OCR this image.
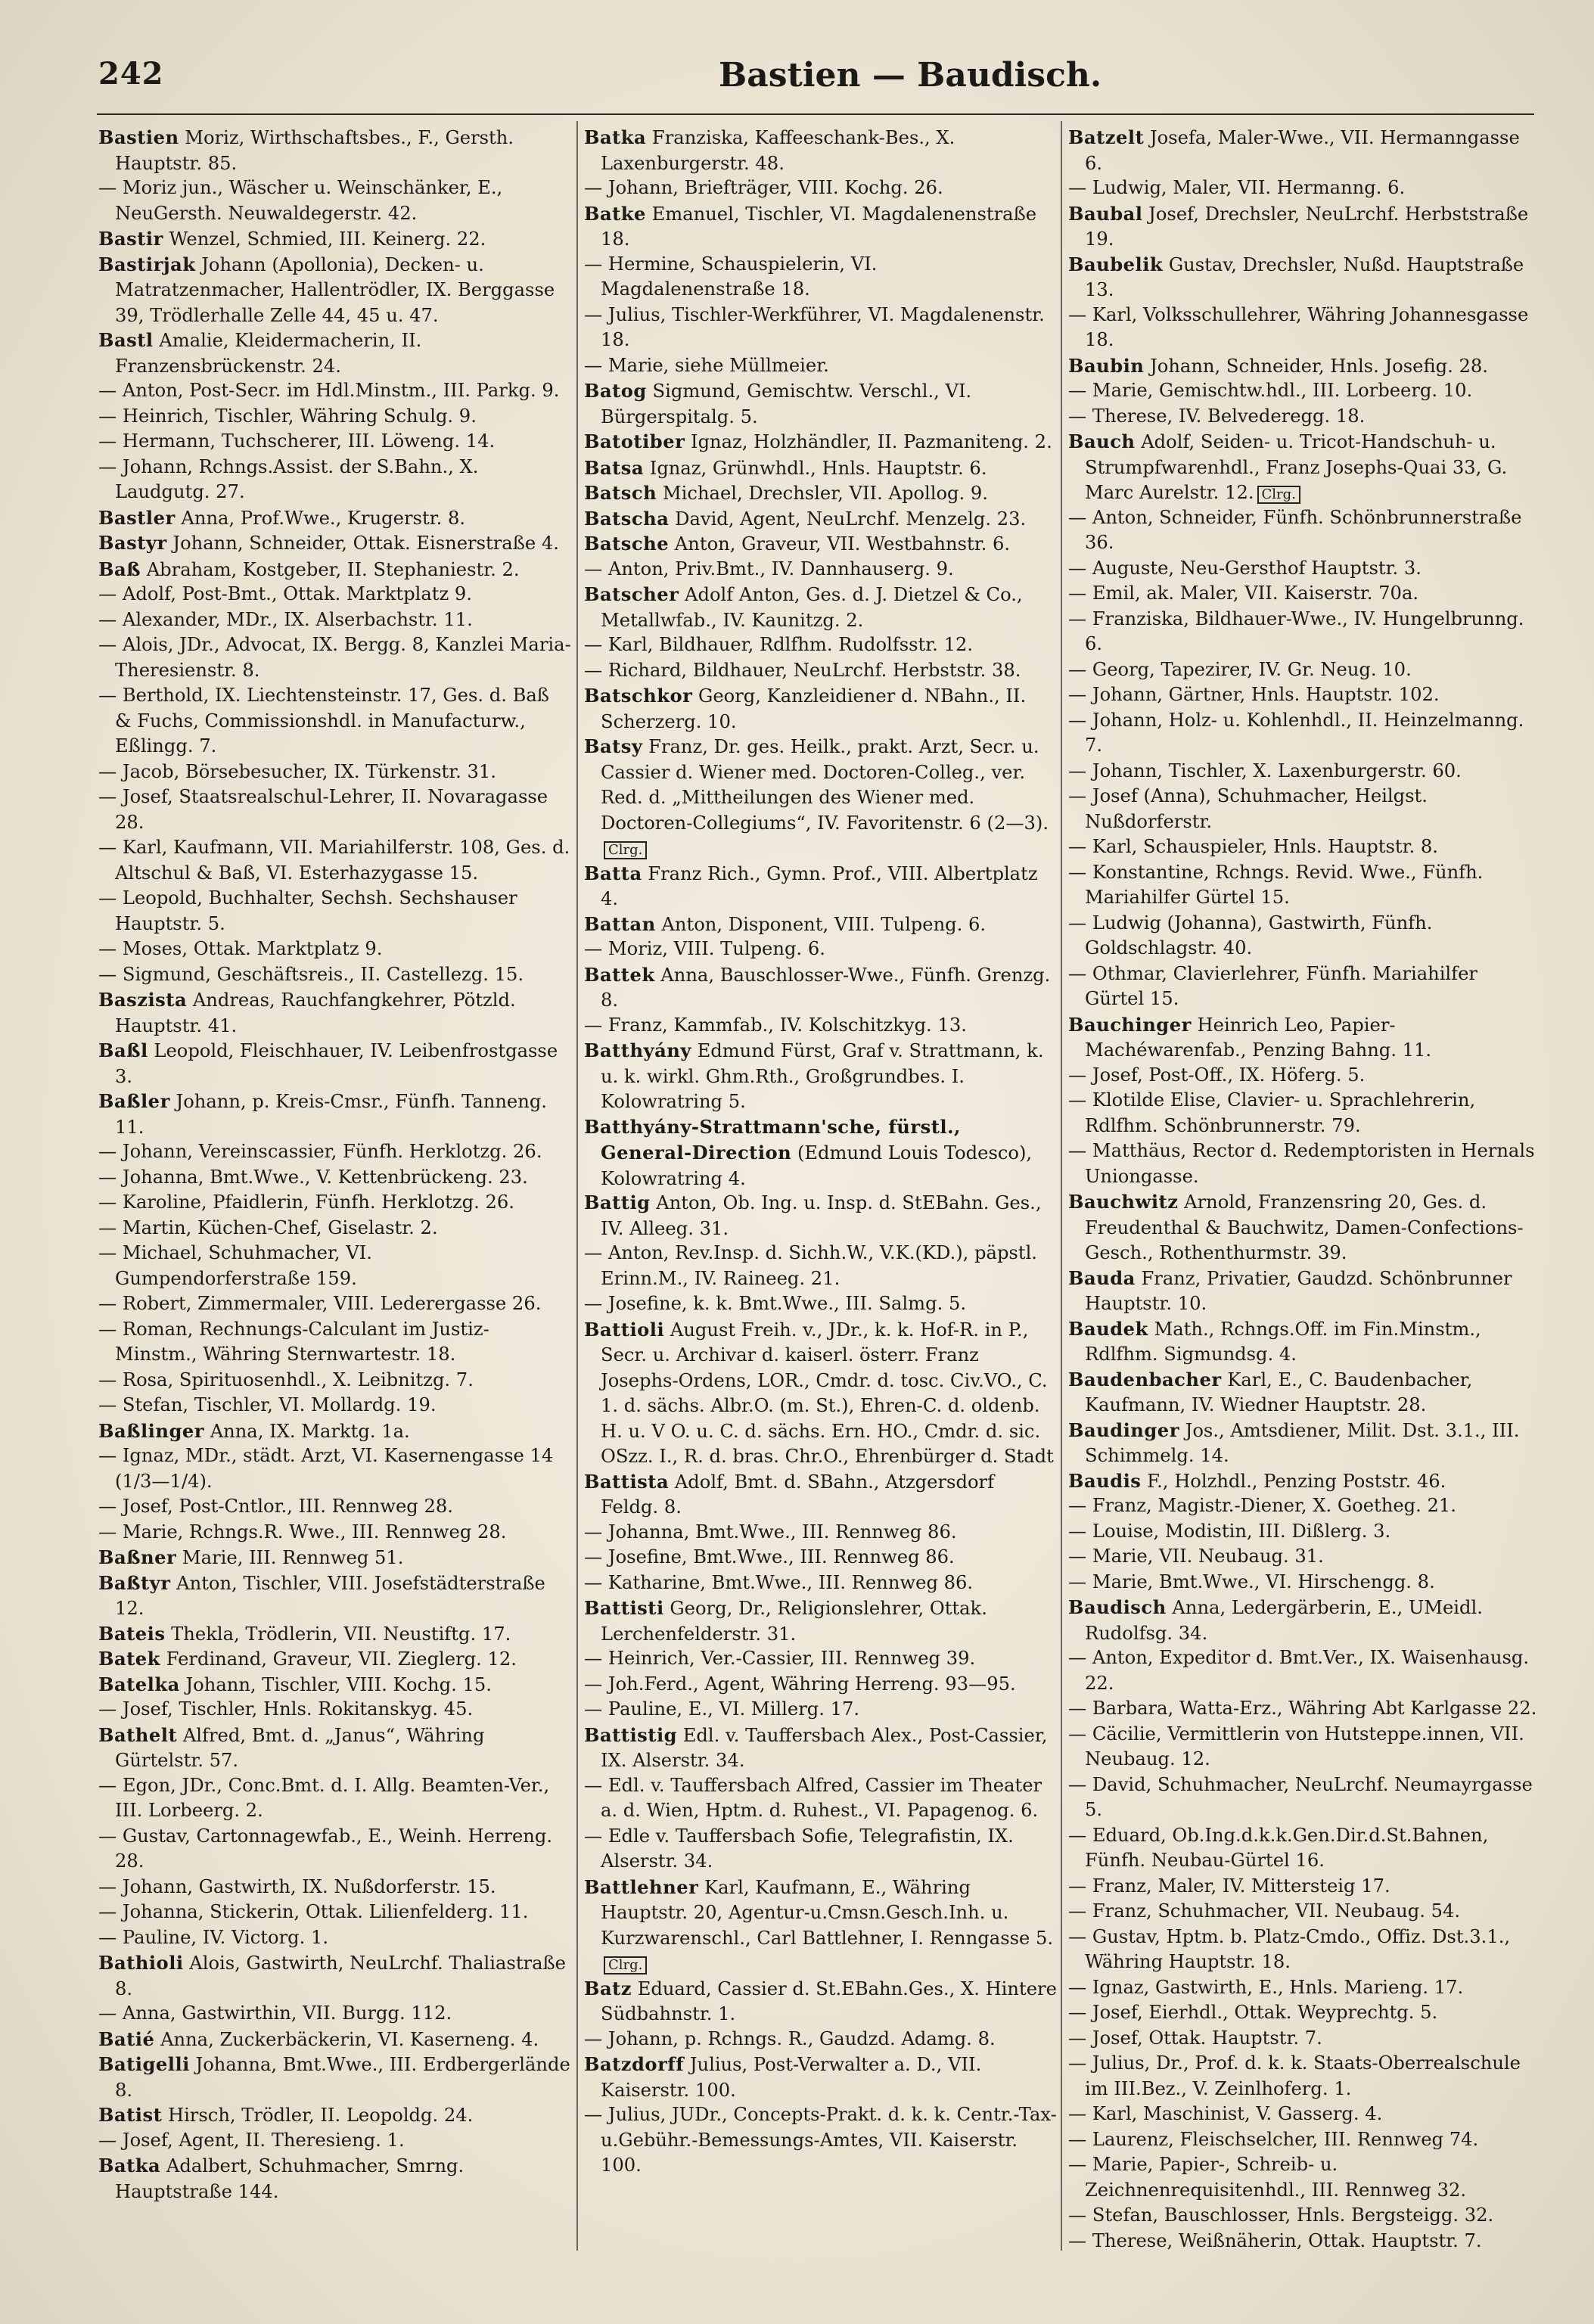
242	Bastien — Baudisch.

Bastien Moriz, Wirthschaftsbes., F., Gersth. Hauptstr. 85.

— Moriz jun., Wäscher u. Weinschänker, E., NeuGersth. Neuwaldegerstr. 42.

Bastir Wenzel, Schmied, III. Keinerg. 22.

Bastirjak Johann (Apollonia), Decken- u. Matratzenmacher, Hallentrödler, IX. Berggasse 39, Trödlerhalle Zelle 44, 45 u. 47.

Bastl Amalie, Kleidermacherin, II. Franzensbrückenstr. 24.

— Anton, Post-Secr. im Hdl.Minstm., III. Parkg. 9.

— Heinrich, Tischler, Währing Schulg. 9.

— Hermann, Tuchscherer, III. Löweng. 14.

— Johann, Rchngs.Assist. der S.Bahn., X. Laudgutg. 27.

Bastler Anna, Prof.Wwe., Krugerstr. 8.

Bastyr Johann, Schneider, Ottak. Eisnerstraße 4.

Baß Abraham, Kostgeber, II. Stephaniestr. 2.

— Adolf, Post-Bmt., Ottak. Marktplatz 9.

— Alexander, MDr., IX. Alserbachstr. 11.

— Alois, JDr., Advocat, IX. Bergg. 8, Kanzlei Maria-Theresienstr. 8.

— Berthold, IX. Liechtensteinstr. 17, Ges. d. Baß & Fuchs, Commissionshdl. in Manufacturw., Eßlingg. 7.

— Jacob, Börsebesucher, IX. Türkenstr. 31.

— Josef, Staatsrealschul-Lehrer, II. Novaragasse 28.

— Karl, Kaufmann, VII. Mariahilferstr. 108, Ges. d. Altschul & Baß, VI. Esterhazygasse 15.

— Leopold, Buchhalter, Sechsh. Sechshauser Hauptstr. 5.

— Moses, Ottak. Marktplatz 9.

— Sigmund, Geschäftsreis., II. Castellezg. 15.

Baszista Andreas, Rauchfangkehrer, Pötzld. Hauptstr. 41.

Baßl Leopold, Fleischhauer, IV. Leibenfrostgasse 3.

Baßler Johann, p. Kreis-Cmsr., Fünfh. Tanneng. 11.

— Johann, Vereinscassier, Fünfh. Herklotzg. 26.

— Johanna, Bmt.Wwe., V. Kettenbrückeng. 23.

— Karoline, Pfaidlerin, Fünfh. Herklotzg. 26.

— Martin, Küchen-Chef, Giselastr. 2.

— Michael, Schuhmacher, VI. Gumpendorferstraße 159.

— Robert, Zimmermaler, VIII. Lederergasse 26.

— Roman, Rechnungs-Calculant im Justiz-Minstm., Währing Sternwartestr. 18.

— Rosa, Spirituosenhdl., X. Leibnitzg. 7.

— Stefan, Tischler, VI. Mollardg. 19.

Baßlinger Anna, IX. Marktg. 1a.

— Ignaz, MDr., städt. Arzt, VI. Kasernengasse 14 (1/3—1/4).

— Josef, Post-Cntlor., III. Rennweg 28.

— Marie, Rchngs.R. Wwe., III. Rennweg 28.

Baßner Marie, III. Rennweg 51.

Baßtyr Anton, Tischler, VIII. Josefstädterstraße 12.

Bateis Thekla, Trödlerin, VII. Neustiftg. 17.

Batek Ferdinand, Graveur, VII. Zieglerg. 12.

Batelka Johann, Tischler, VIII. Kochg. 15.

— Josef, Tischler, Hnls. Rokitanskyg. 45.

Bathelt Alfred, Bmt. d. „Janus“, Währing Gürtelstr. 57.

— Egon, JDr., Conc.Bmt. d. I. Allg. Beamten-Ver., III. Lorbeerg. 2.

— Gustav, Cartonnagewfab., E., Weinh. Herreng. 28.

— Johann, Gastwirth, IX. Nußdorferstr. 15.

— Johanna, Stickerin, Ottak. Lilienfelderg. 11.

— Pauline, IV. Victorg. 1.

Bathioli Alois, Gastwirth, NeuLrchf. Thaliastraße 8.

— Anna, Gastwirthin, VII. Burgg. 112.

Batié Anna, Zuckerbäckerin, VI. Kaserneng. 4.

Batigelli Johanna, Bmt.Wwe., III. Erdbergerlände 8.

Batist Hirsch, Trödler, II. Leopoldg. 24.

— Josef, Agent, II. Theresieng. 1.

Batka Adalbert, Schuhmacher, Smrng. Hauptstraße 144.

Batka Franziska, Kaffeeschank-Bes., X. Laxenburgerstr. 48.

— Johann, Briefträger, VIII. Kochg. 26.

Batke Emanuel, Tischler, VI. Magdalenenstraße 18.

— Hermine, Schauspielerin, VI. Magdalenenstraße 18.

— Julius, Tischler-Werkführer, VI. Magdalenenstr. 18.

— Marie, siehe Müllmeier.

Batog Sigmund, Gemischtw. Verschl., VI. Bürgerspitalg. 5.

Batotiber Ignaz, Holzhändler, II. Pazmaniteng. 2.

Batsa Ignaz, Grünwhdl., Hnls. Hauptstr. 6.

Batsch Michael, Drechsler, VII. Apollog. 9.

Batscha David, Agent, NeuLrchf. Menzelg. 23.

Batsche Anton, Graveur, VII. Westbahnstr. 6.

— Anton, Priv.Bmt., IV. Dannhauserg. 9.

Batscher Adolf Anton, Ges. d. J. Dietzel & Co., Metallwfab., IV. Kaunitzg. 2.

— Karl, Bildhauer, Rdlfhm. Rudolfsstr. 12.

— Richard, Bildhauer, NeuLrchf. Herbststr. 38.

Batschkor Georg, Kanzleidiener d. NBahn., II. Scherzerg. 10.

Batsy Franz, Dr. ges. Heilk., prakt. Arzt, Secr. u. Cassier d. Wiener med. Doctoren-Colleg., ver. Red. d. „Mittheilungen des Wiener med. Doctoren-Collegiums“, IV. Favoritenstr. 6 (2—3).Clrg.

Batta Franz Rich., Gymn. Prof., VIII. Albertplatz 4.

Battan Anton, Disponent, VIII. Tulpeng. 6.

— Moriz, VIII. Tulpeng. 6.

Battek Anna, Bauschlosser-Wwe., Fünfh. Grenzg. 8.

— Franz, Kammfab., IV. Kolschitzkyg. 13.

Batthyány Edmund Fürst, Graf v. Strattmann, k. u. k. wirkl. Ghm.Rth., Großgrundbes. I. Kolowratring 5.

Batthyány-Strattmann'sche, fürstl., General-Direction (Edmund Louis Todesco), Kolowratring 4.

Battig Anton, Ob. Ing. u. Insp. d. StEBahn. Ges., IV. Alleeg. 31.

— Anton, Rev.Insp. d. Sichh.W., V.K.(KD.), päpstl. Erinn.M., IV. Raineeg. 21.

— Josefine, k. k. Bmt.Wwe., III. Salmg. 5.

Battioli August Freih. v., JDr., k. k. Hof-R. in P., Secr. u. Archivar d. kaiserl. österr. Franz Josephs-Ordens, LOR., Cmdr. d. tosc. Civ.VO., C. 1. d. sächs. Albr.O. (m. St.), Ehren-C. d. oldenb. H. u. V O. u. C. d. sächs. Ern. HO., Cmdr. d. sic. OSzz. I., R. d. bras. Chr.O., Ehrenbürger d. Stadt

Battista Adolf, Bmt. d. SBahn., Atzgersdorf Feldg. 8.

— Johanna, Bmt.Wwe., III. Rennweg 86.

— Josefine, Bmt.Wwe., III. Rennweg 86.

— Katharine, Bmt.Wwe., III. Rennweg 86.

Battisti Georg, Dr., Religionslehrer, Ottak. Lerchenfelderstr. 31.

— Heinrich, Ver.-Cassier, III. Rennweg 39.

— Joh.Ferd., Agent, Währing Herreng. 93—95.

— Pauline, E., VI. Millerg. 17.

Battistig Edl. v. Tauffersbach Alex., Post-Cassier, IX. Alserstr. 34.

— Edl. v. Tauffersbach Alfred, Cassier im Theater a. d. Wien, Hptm. d. Ruhest., VI. Papagenog. 6.

— Edle v. Tauffersbach Sofie, Telegrafistin, IX. Alserstr. 34.

Battlehner Karl, Kaufmann, E., Währing Hauptstr. 20, Agentur-u.Cmsn.Gesch.Inh. u. Kurzwarenschl., Carl Battlehner, I. Renngasse 5.Clrg.

Batz Eduard, Cassier d. St.EBahn.Ges., X. Hintere Südbahnstr. 1.

— Johann, p. Rchngs. R., Gaudzd. Adamg. 8.

Batzdorff Julius, Post-Verwalter a. D., VII. Kaiserstr. 100.

— Julius, JUDr., Concepts-Prakt. d. k. k. Centr.-Tax-u.Gebühr.-Bemessungs-Amtes, VII. Kaiserstr. 100.

Batzelt Josefa, Maler-Wwe., VII. Hermanngasse 6.

— Ludwig, Maler, VII. Hermanng. 6.

Baubal Josef, Drechsler, NeuLrchf. Herbststraße 19.

Baubelik Gustav, Drechsler, Nußd. Hauptstraße 13.

— Karl, Volksschullehrer, Währing Johannesgasse 18.

Baubin Johann, Schneider, Hnls. Josefig. 28.

— Marie, Gemischtw.hdl., III. Lorbeerg. 10.

— Therese, IV. Belvederegg. 18.

Bauch Adolf, Seiden- u. Tricot-Handschuh- u. Strumpfwarenhdl., Franz Josephs-Quai 33, G. Marc Aurelstr. 12. Clrg.

— Anton, Schneider, Fünfh. Schönbrunnerstraße 36.

— Auguste, Neu-Gersthof Hauptstr. 3.

— Emil, ak. Maler, VII. Kaiserstr. 70a.

— Franziska, Bildhauer-Wwe., IV. Hungelbrunng. 6.

— Georg, Tapezirer, IV. Gr. Neug. 10.

— Johann, Gärtner, Hnls. Hauptstr. 102.

— Johann, Holz- u. Kohlenhdl., II. Heinzelmanng. 7.

— Johann, Tischler, X. Laxenburgerstr. 60.

— Josef (Anna), Schuhmacher, Heilgst. Nußdorferstr.

— Karl, Schauspieler, Hnls. Hauptstr. 8.

— Konstantine, Rchngs. Revid. Wwe., Fünfh. Mariahilfer Gürtel 15.

— Ludwig (Johanna), Gastwirth, Fünfh. Goldschlagstr. 40.

— Othmar, Clavierlehrer, Fünfh. Mariahilfer Gürtel 15.

Bauchinger Heinrich Leo, Papier-Machéwarenfab., Penzing Bahng. 11.

— Josef, Post-Off., IX. Höferg. 5.

— Klotilde Elise, Clavier- u. Sprachlehrerin, Rdlfhm. Schönbrunnerstr. 79.

— Matthäus, Rector d. Redemptoristen in Hernals Uniongasse.

Bauchwitz Arnold, Franzensring 20, Ges. d. Freudenthal & Bauchwitz, Damen-Confections-Gesch., Rothenthurmstr. 39.

Bauda Franz, Privatier, Gaudzd. Schönbrunner Hauptstr. 10.

Baudek Math., Rchngs.Off. im Fin.Minstm., Rdlfhm. Sigmundsg. 4.

Baudenbacher Karl, E., C. Baudenbacher, Kaufmann, IV. Wiedner Hauptstr. 28.

Baudinger Jos., Amtsdiener, Milit. Dst. 3.1., III. Schimmelg. 14.

Baudis F., Holzhdl., Penzing Poststr. 46.

— Franz, Magistr.-Diener, X. Goetheg. 21.

— Louise, Modistin, III. Dißlerg. 3.

— Marie, VII. Neubaug. 31.

— Marie, Bmt.Wwe., VI. Hirschengg. 8.

Baudisch Anna, Ledergärberin, E., UMeidl. Rudolfsg. 34.

— Anton, Expeditor d. Bmt.Ver., IX. Waisenhausg. 22.

— Barbara, Watta-Erz., Währing Abt Karlgasse 22.

— Cäcilie, Vermittlerin von Hutsteppe.innen, VII. Neubaug. 12.

— David, Schuhmacher, NeuLrchf. Neumayrgasse 5.

— Eduard, Ob.Ing.d.k.k.Gen.Dir.d.St.Bahnen, Fünfh. Neubau-Gürtel 16.

— Franz, Maler, IV. Mittersteig 17.

— Franz, Schuhmacher, VII. Neubaug. 54.

— Gustav, Hptm. b. Platz-Cmdo., Offiz. Dst.3.1., Währing Hauptstr. 18.

— Ignaz, Gastwirth, E., Hnls. Marieng. 17.

— Josef, Eierhdl., Ottak. Weyprechtg. 5.

— Josef, Ottak. Hauptstr. 7.

— Julius, Dr., Prof. d. k. k. Staats-Oberrealschule im III.Bez., V. Zeinlhoferg. 1.

— Karl, Maschinist, V. Gasserg. 4.

— Laurenz, Fleischselcher, III. Rennweg 74.

— Marie, Papier-, Schreib- u. Zeichnenrequisitenhdl., III. Rennweg 32.

— Stefan, Bauschlosser, Hnls. Bergsteigg. 32.

— Therese, Weißnäherin, Ottak. Hauptstr. 7.
